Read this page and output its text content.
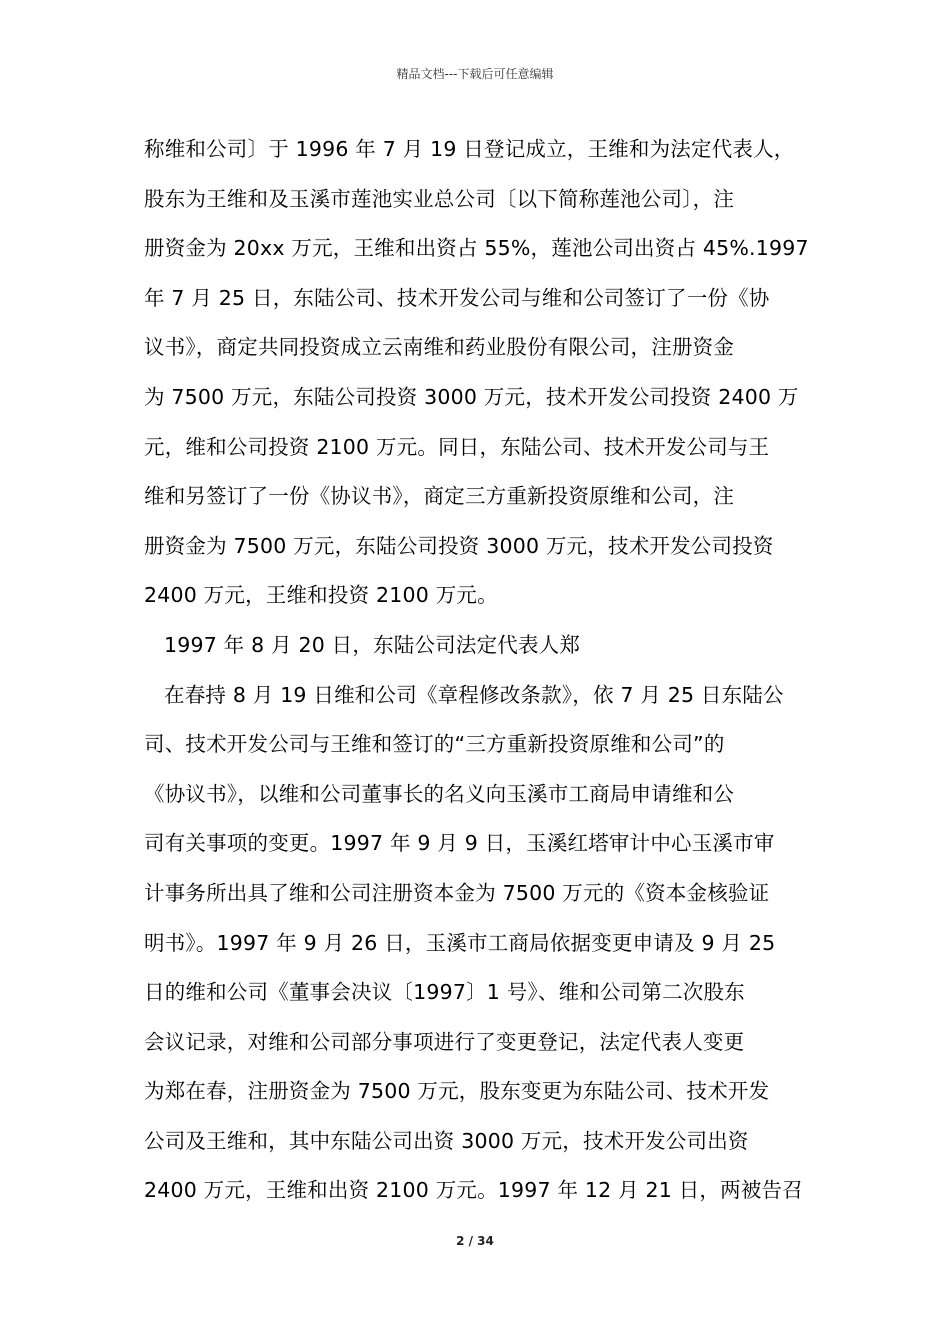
精品文档---下载后可任意编辑
称维和公司〕于 1996 年 7 月 19 日登记成立，王维和为法定代表人，
股东为王维和及玉溪市莲池实业总公司〔以下简称莲池公司〕，注
册资金为 20xx 万元，王维和出资占 55%，莲池公司出资占 45%.1997
年 7 月 25 日，东陆公司、技术开发公司与维和公司签订了一份《协
议书》，商定共同投资成立云南维和药业股份有限公司，注册资金
为 7500 万元，东陆公司投资 3000 万元，技术开发公司投资 2400 万
元，维和公司投资 2100 万元。同日，东陆公司、技术开发公司与王
维和另签订了一份《协议书》，商定三方重新投资原维和公司，注
册资金为 7500 万元，东陆公司投资 3000 万元，技术开发公司投资
2400 万元，王维和投资 2100 万元。
1997 年 8 月 20 日，东陆公司法定代表人郑
在春持 8 月 19 日维和公司《章程修改条款》，依 7 月 25 日东陆公
司、技术开发公司与王维和签订的“三方重新投资原维和公司”的
《协议书》，以维和公司董事长的名义向玉溪市工商局申请维和公
司有关事项的变更。1997 年 9 月 9 日，玉溪红塔审计中心玉溪市审
计事务所出具了维和公司注册资本金为 7500 万元的《资本金核验证
明书》。1997 年 9 月 26 日，玉溪市工商局依据变更申请及 9 月 25
日的维和公司《董事会决议〔1997〕1 号》、维和公司第二次股东
会议记录，对维和公司部分事项进行了变更登记，法定代表人变更
为郑在春，注册资金为 7500 万元，股东变更为东陆公司、技术开发
公司及王维和，其中东陆公司出资 3000 万元，技术开发公司出资
2400 万元，王维和出资 2100 万元。1997 年 12 月 21 日，两被告召
2 / 34
